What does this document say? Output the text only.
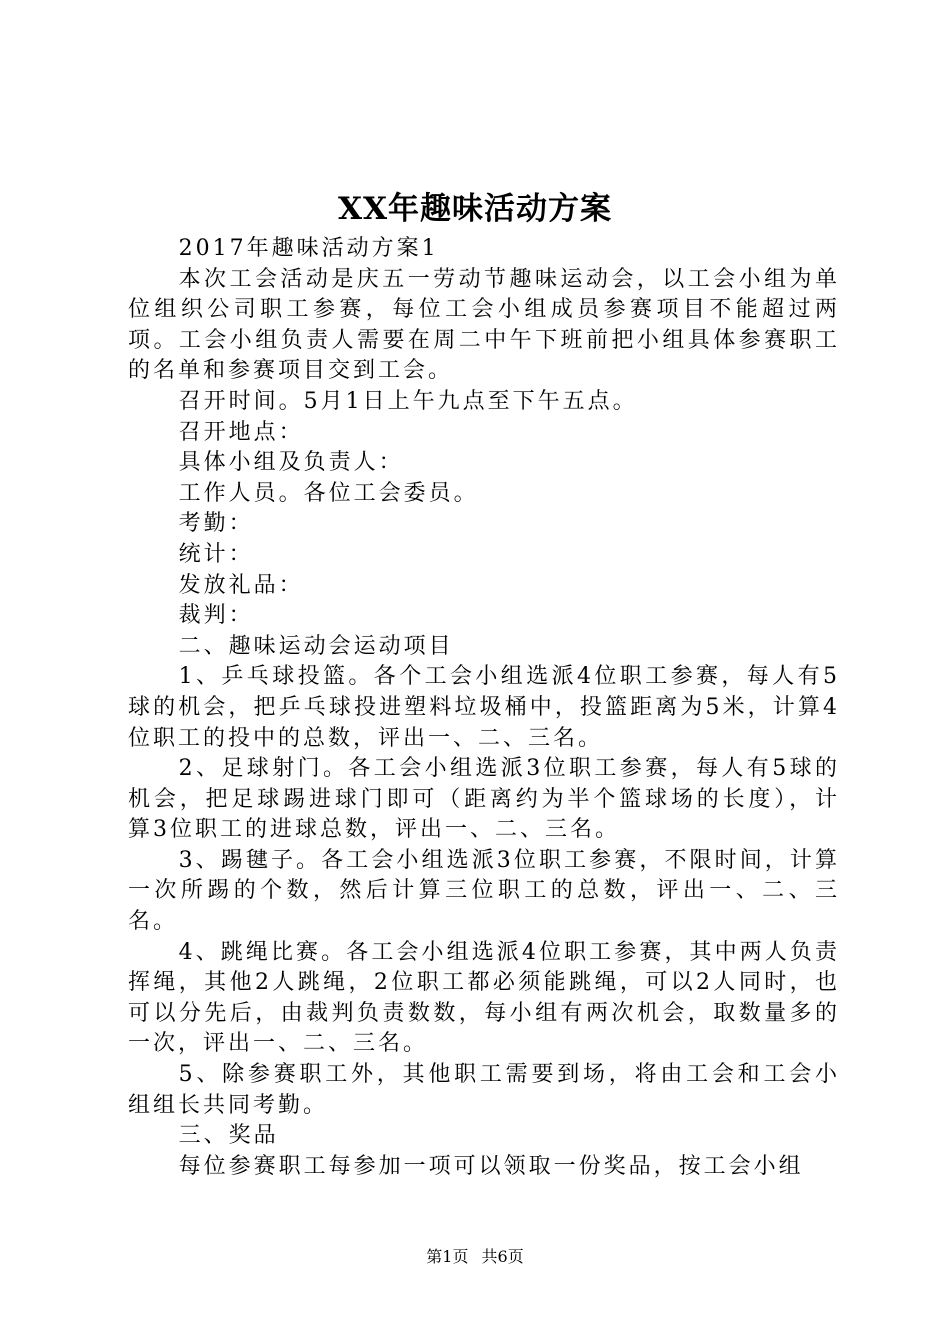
XX年趣味活动方案

2017年趣味活动方案1

本次工会活动是庆五一劳动节趣味运动会，以工会小组为单位组织公司职工参赛，每位工会小组成员参赛项目不能超过两项。工会小组负责人需要在周二中午下班前把小组具体参赛职工的名单和参赛项目交到工会。

召开时间。5月1日上午九点至下午五点。

召开地点：

具体小组及负责人：

工作人员。各位工会委员。

考勤：

统计：

发放礼品：

裁判：

二、趣味运动会运动项目

1、乒乓球投篮。各个工会小组选派4位职工参赛，每人有5球的机会，把乒乓球投进塑料垃圾桶中，投篮距离为5米，计算4位职工的投中的总数，评出一、二、三名。

2、足球射门。各工会小组选派3位职工参赛，每人有5球的机会，把足球踢进球门即可（距离约为半个篮球场的长度），计算3位职工的进球总数，评出一、二、三名。

3、踢毽子。各工会小组选派3位职工参赛，不限时间，计算一次所踢的个数，然后计算三位职工的总数，评出一、二、三名。

4、跳绳比赛。各工会小组选派4位职工参赛，其中两人负责挥绳，其他2人跳绳，2位职工都必须能跳绳，可以2人同时，也可以分先后，由裁判负责数数，每小组有两次机会，取数量多的一次，评出一、二、三名。

5、除参赛职工外，其他职工需要到场，将由工会和工会小组组长共同考勤。

三、奖品

每位参赛职工每参加一项可以领取一份奖品，按工会小组

第1页 共6页
